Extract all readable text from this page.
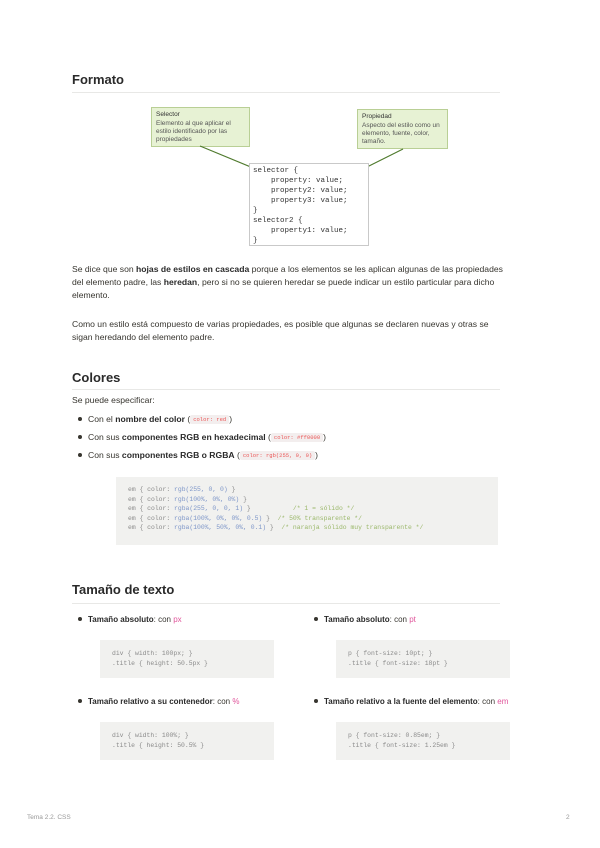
Formato
Selector
Elemento al que aplicar el estilo identificado por las propiedades
Propiedad
Aspecto del estilo como un elemento, fuente, color, tamaño.
selector {
property: value;
property2: value;
property3: value;
}
selector2 {
property1: value;
}

Se dice que son hojas de estilos en cascada porque a los elementos se les aplican algunas de las propiedades del elemento padre, las heredan, pero si no se quieren heredar se puede indicar un estilo particular para dicho elemento.

Como un estilo está compuesto de varias propiedades, es posible que algunas se declaren nuevas y otras se sigan heredando del elemento padre.

Colores

Se puede especificar:

Con el nombre del color ( color: red )
Con sus componentes RGB en hexadecimal ( color: #ff0000 )
Con sus componentes RGB o RGBA ( color: rgb(255, 0, 0) )
em { color: rgb(255, 0, 0) }
em { color: rgb(100%, 0%, 0%) }
em { color: rgba(255, 0, 0, 1) }	/* 1 = sólido */
em { color: rgba(100%, 0%, 0%, 0.5) } /* 50% transparente */
em { color: rgba(100%, 50%, 0%, 0.1) } /* naranja sólido muy transparente */
Tamaño de texto
Tamaño absoluto: con px
div { width: 100px; }
.title { height: 50.5px }
Tamaño absoluto: con pt
p { font-size: 10pt; }
.title { font-size: 18pt }
Tamaño relativo a su contenedor: con %
div { width: 100%; }
.title { height: 50.5% }
Tamaño relativo a la fuente del elemento: con em
p { font-size: 0.85em; }
.title { font-size: 1.25em }
Tema 2.2. CSS	2
